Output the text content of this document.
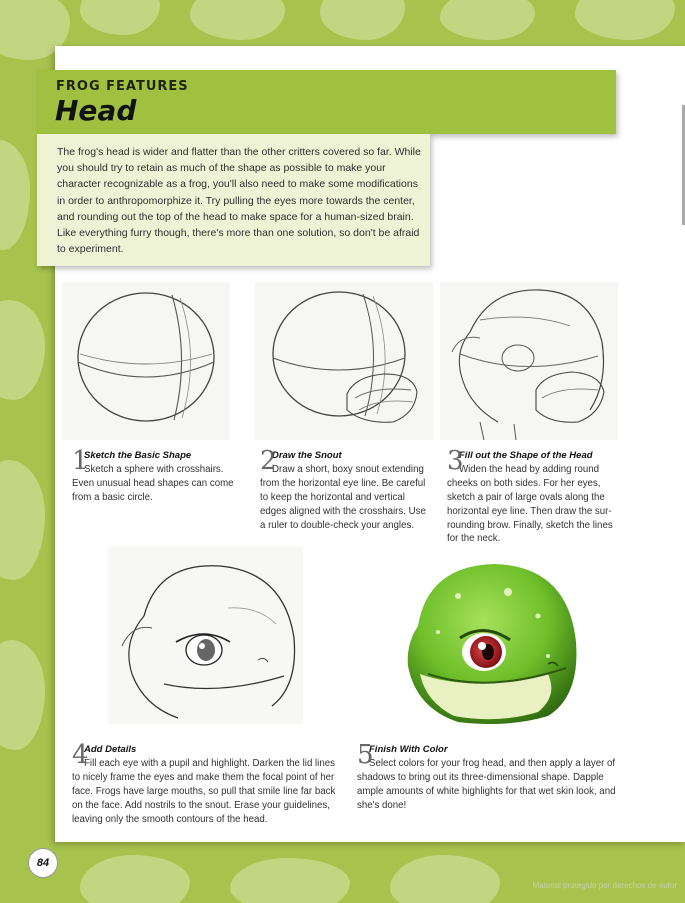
FROG FEATURES
Head

The frog's head is wider and flatter than the other critters covered so far. While you should try to retain as much of the shape as possible to make your character recognizable as a frog, you'll also need to make some modifications in order to anthropomorphize it. Try pulling the eyes more towards the center, and rounding out the top of the head to make space for a human-sized brain. Like everything furry though, there's more than one solution, so don't be afraid to experiment.

1
Sketch the Basic Shape
Sketch a sphere with crosshairs. Even unusual head shapes can come from a basic circle.
2
Draw the Snout
Draw a short, boxy snout extending from the horizontal eye line. Be careful to keep the horizontal and vertical edges aligned with the crosshairs. Use a ruler to double-check your angles.
3
Fill out the Shape of the Head
Widen the head by adding round cheeks on both sides. For her eyes, sketch a pair of large ovals along the horizontal eye line. Then draw the sur-rounding brow. Finally, sketch the lines for the neck.
4
Add Details
Fill each eye with a pupil and highlight. Darken the lid lines to nicely frame the eyes and make them the focal point of her face. Frogs have large mouths, so pull that smile line far back on the face. Add nostrils to the snout. Erase your guidelines, leaving only the smooth contours of the head.
5
Finish With Color
Select colors for your frog head, and then apply a layer of shadows to bring out its three-dimensional shape. Dapple ample amounts of white highlights for that wet skin look, and she's done!
84
Material protegido por derechos de autor
